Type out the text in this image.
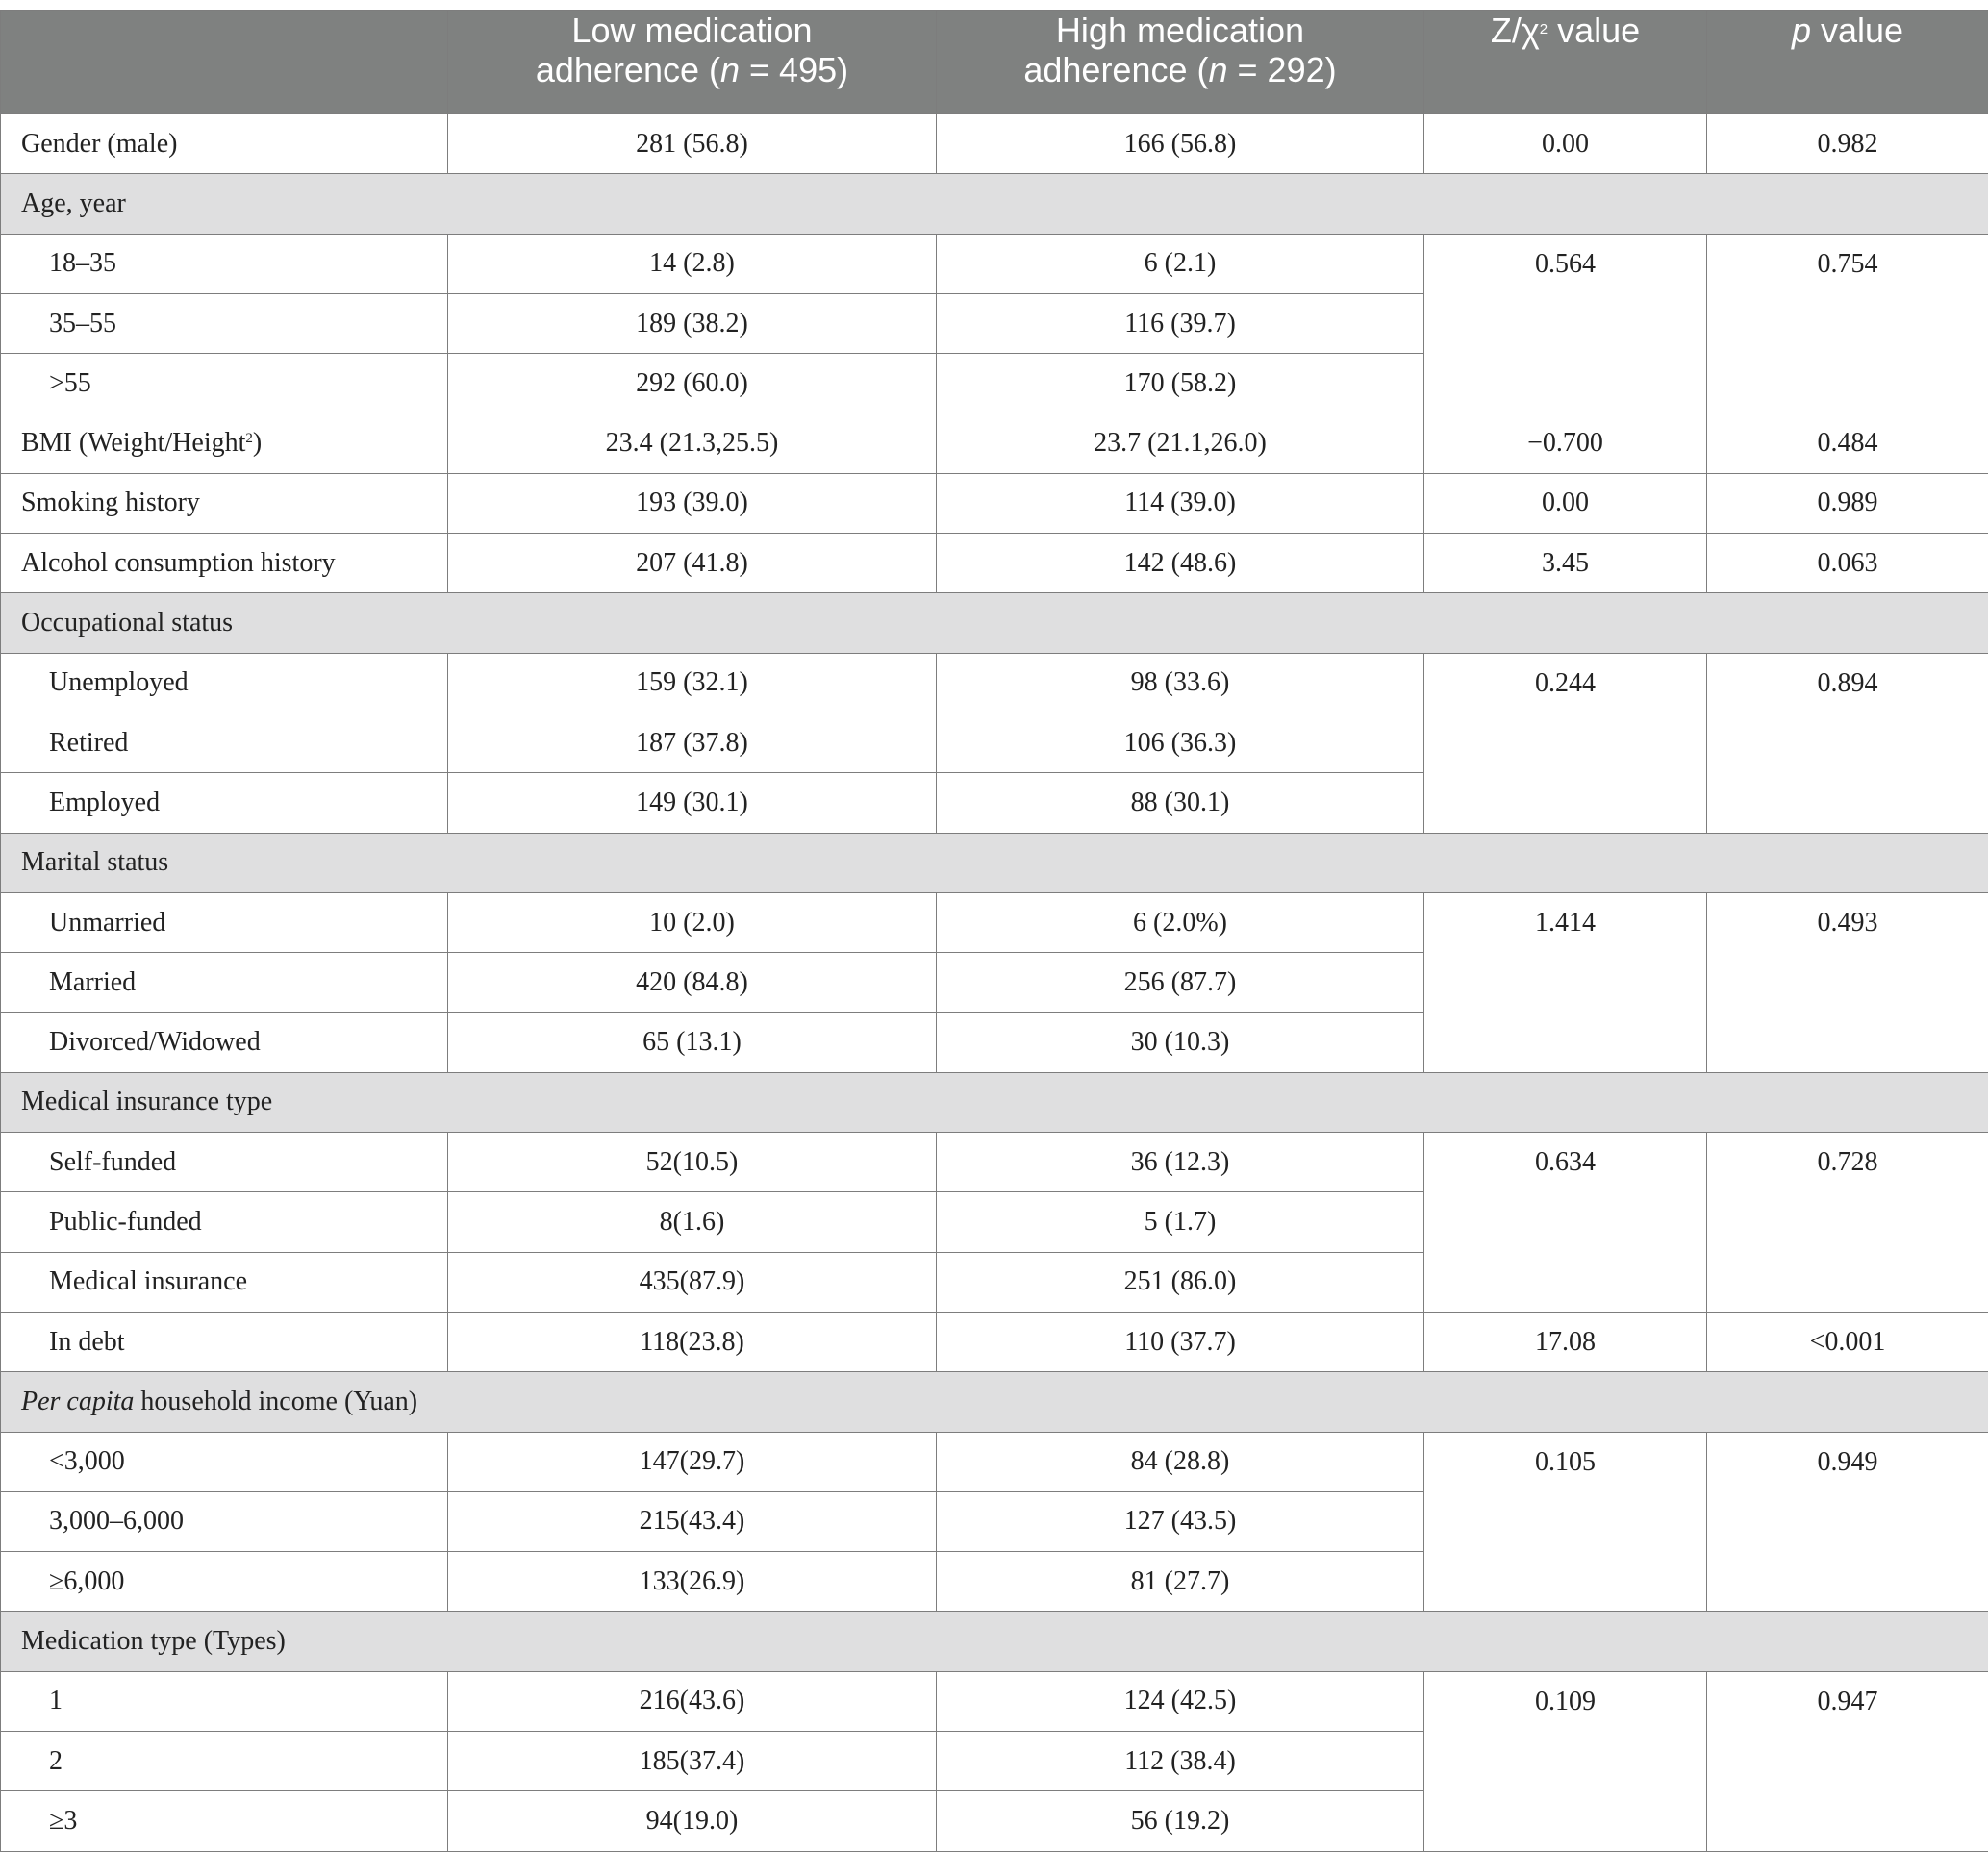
	Low medication
adherence (n = 495)	High medication
adherence (n = 292)	$Z/\chi^2$ value	p value
Gender (male)	281 (56.8)	166 (56.8)	0.00	0.982
Age, year				
18–35	14 (2.8)	6 (2.1)	0.564	0.754
35–55	189 (38.2)	116 (39.7)		
>55	292 (60.0)	170 (58.2)		
BMI (Weight/Height$^2$)	23.4 (21.3,25.5)	23.7 (21.1,26.0)	−0.700	0.484
Smoking history	193 (39.0)	114 (39.0)	0.00	0.989
Alcohol consumption history	207 (41.8)	142 (48.6)	3.45	0.063
Occupational status				
Unemployed	159 (32.1)	98 (33.6)	0.244	0.894
Retired	187 (37.8)	106 (36.3)		
Employed	149 (30.1)	88 (30.1)		
Marital status				
Unmarried	10 (2.0)	6 (2.0%)	1.414	0.493
Married	420 (84.8)	256 (87.7)		
Divorced/Widowed	65 (13.1)	30 (10.3)		
Medical insurance type				
Self-funded	52(10.5)	36 (12.3)	0.634	0.728
Public-funded	8(1.6)	5 (1.7)		
Medical insurance	435(87.9)	251 (86.0)		
In debt	118(23.8)	110 (37.7)	17.08	<0.001
Per capita household income (Yuan)				
<3,000	147(29.7)	84 (28.8)	0.105	0.949
3,000–6,000	215(43.4)	127 (43.5)		
≥6,000	133(26.9)	81 (27.7)		
Medication type (Types)				
1	216(43.6)	124 (42.5)	0.109	0.947
2	185(37.4)	112 (38.4)		
≥3	94(19.0)	56 (19.2)		
